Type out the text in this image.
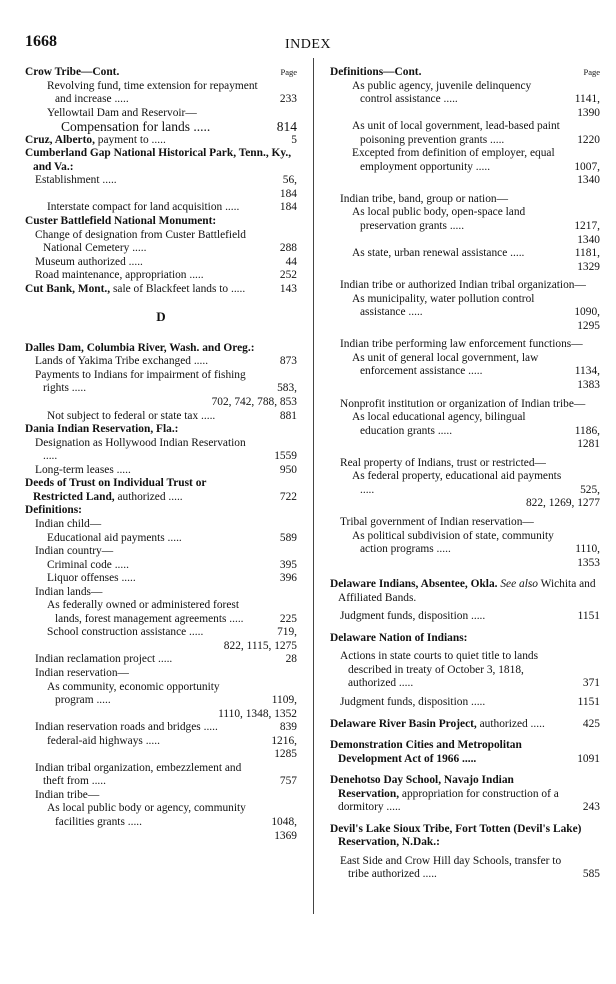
1668	INDEX
Crow Tribe—Cont.	Page
Revolving fund, time extension for repayment and increase .....	233
Yellowtail Dam and Reservoir—
Compensation for lands .....	814
Cruz, Alberto, payment to .....	5
Cumberland Gap National Historical Park, Tenn., Ky., and Va.:
Establishment .....	56,
184
Interstate compact for land acquisition .....	184
Custer Battlefield National Monument:
Change of designation from Custer Battlefield National Cemetery .....	288
Museum authorized .....	44
Road maintenance, appropriation .....	252
Cut Bank, Mont., sale of Blackfeet lands to .....	143
D
Dalles Dam, Columbia River, Wash. and Oreg.:
Lands of Yakima Tribe exchanged .....	873
Payments to Indians for impairment of fishing rights .....	583,
702, 742, 788, 853
Not subject to federal or state tax .....	881
Dania Indian Reservation, Fla.:
Designation as Hollywood Indian Reservation .....	1559
Long-term leases .....	950
Deeds of Trust on Individual Trust or Restricted Land, authorized .....	722
Definitions:
Indian child—
Educational aid payments .....	589
Indian country—
Criminal code .....	395
Liquor offenses .....	396
Indian lands—
As federally owned or administered forest lands, forest management agreements .....	225
School construction assistance .....	719,
822, 1115, 1275
Indian reclamation project .....	28
Indian reservation—
As community, economic opportunity program .....	1109,
1110, 1348, 1352
Indian reservation roads and bridges .....	839
federal-aid highways .....	1216,
1285
Indian tribal organization, embezzlement and theft from .....	757
Indian tribe—
As local public body or agency, community facilities grants .....	1048,
1369
Definitions—Cont.	Page
As public agency, juvenile delinquency control assistance .....	1141,
1390
As unit of local government, lead-based paint poisoning prevention grants .....	1220
Excepted from definition of employer, equal employment opportunity .....	1007,
1340
Indian tribe, band, group or nation—
As local public body, open-space land preservation grants .....	1217,
1340
As state, urban renewal assistance .....	1181,
1329
Indian tribe or authorized Indian tribal organization—
As municipality, water pollution control assistance .....	1090,
1295
Indian tribe performing law enforcement functions—
As unit of general local government, law enforcement assistance .....	1134,
1383
Nonprofit institution or organization of Indian tribe—
As local educational agency, bilingual education grants .....	1186,
1281
Real property of Indians, trust or restricted—
As federal property, educational aid payments .....	525,
822, 1269, 1277
Tribal government of Indian reservation—
As political subdivision of state, community action programs .....	1110,
1353
Delaware Indians, Absentee, Okla. See also Wichita and Affiliated Bands.
Judgment funds, disposition .....	1151
Delaware Nation of Indians:
Actions in state courts to quiet title to lands described in treaty of October 3, 1818, authorized .....	371
Judgment funds, disposition .....	1151
Delaware River Basin Project, authorized .....	425
Demonstration Cities and Metropolitan Development Act of 1966 .....	1091
Denehotso Day School, Navajo Indian Reservation, appropriation for construction of a dormitory .....	243
Devil's Lake Sioux Tribe, Fort Totten (Devil's Lake) Reservation, N.Dak.:
East Side and Crow Hill day Schools, transfer to tribe authorized .....	585
